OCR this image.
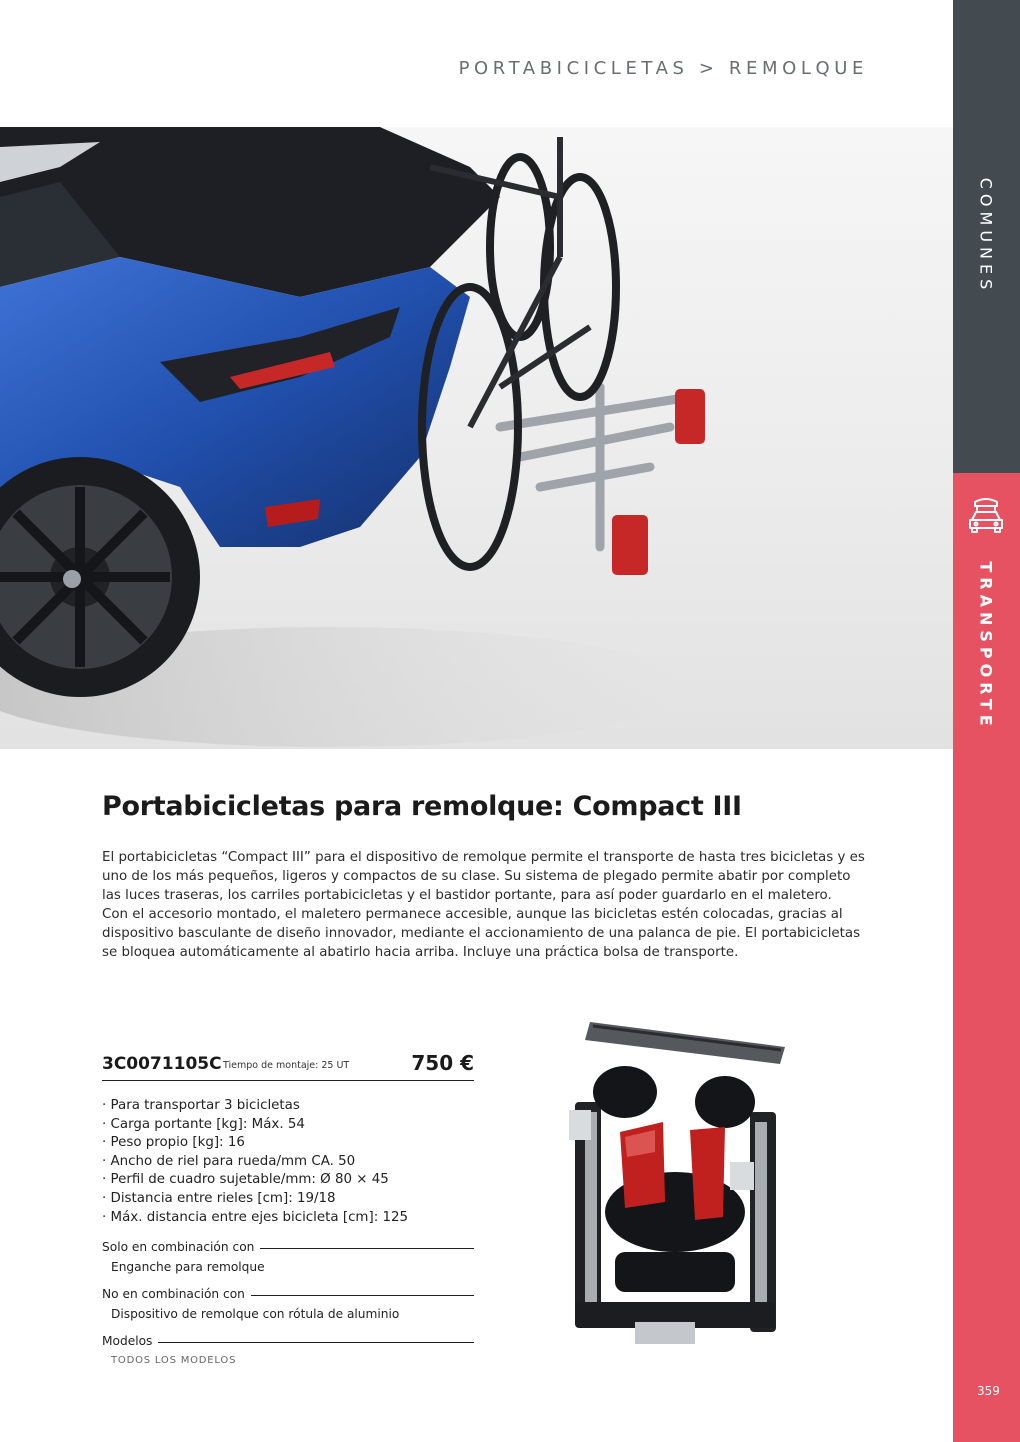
COMUNES
TRANSPORTE
359
PORTABICICLETAS > REMOLQUE
Portabicicletas para remolque: Compact III

El portabicicletas “Compact III” para el dispositivo de remolque permite el transporte de hasta tres bicicletas y es uno de los más pequeños, ligeros y compactos de su clase. Su sistema de plegado permite abatir por completo las luces traseras, los carriles portabicicletas y el bastidor portante, para así poder guardarlo en el maletero.

Con el accesorio montado, el maletero permanece accesible, aunque las bicicletas estén colocadas, gracias al dispositivo basculante de diseño innovador, mediante el accionamiento de una palanca de pie. El portabicicletas se bloquea automáticamente al abatirlo hacia arriba. Incluye una práctica bolsa de transporte.

3C0071105C Tiempo de montaje: 25 UT	750 €
· Para transportar 3 bicicletas
· Carga portante [kg]: Máx. 54
· Peso propio [kg]: 16
· Ancho de riel para rueda/mm CA. 50
· Perfil de cuadro sujetable/mm: Ø 80 × 45
· Distancia entre rieles [cm]: 19/18
· Máx. distancia entre ejes bicicleta [cm]: 125
Solo en combinación con
Enganche para remolque
No en combinación con
Dispositivo de remolque con rótula de aluminio
Modelos
TODOS LOS MODELOS
